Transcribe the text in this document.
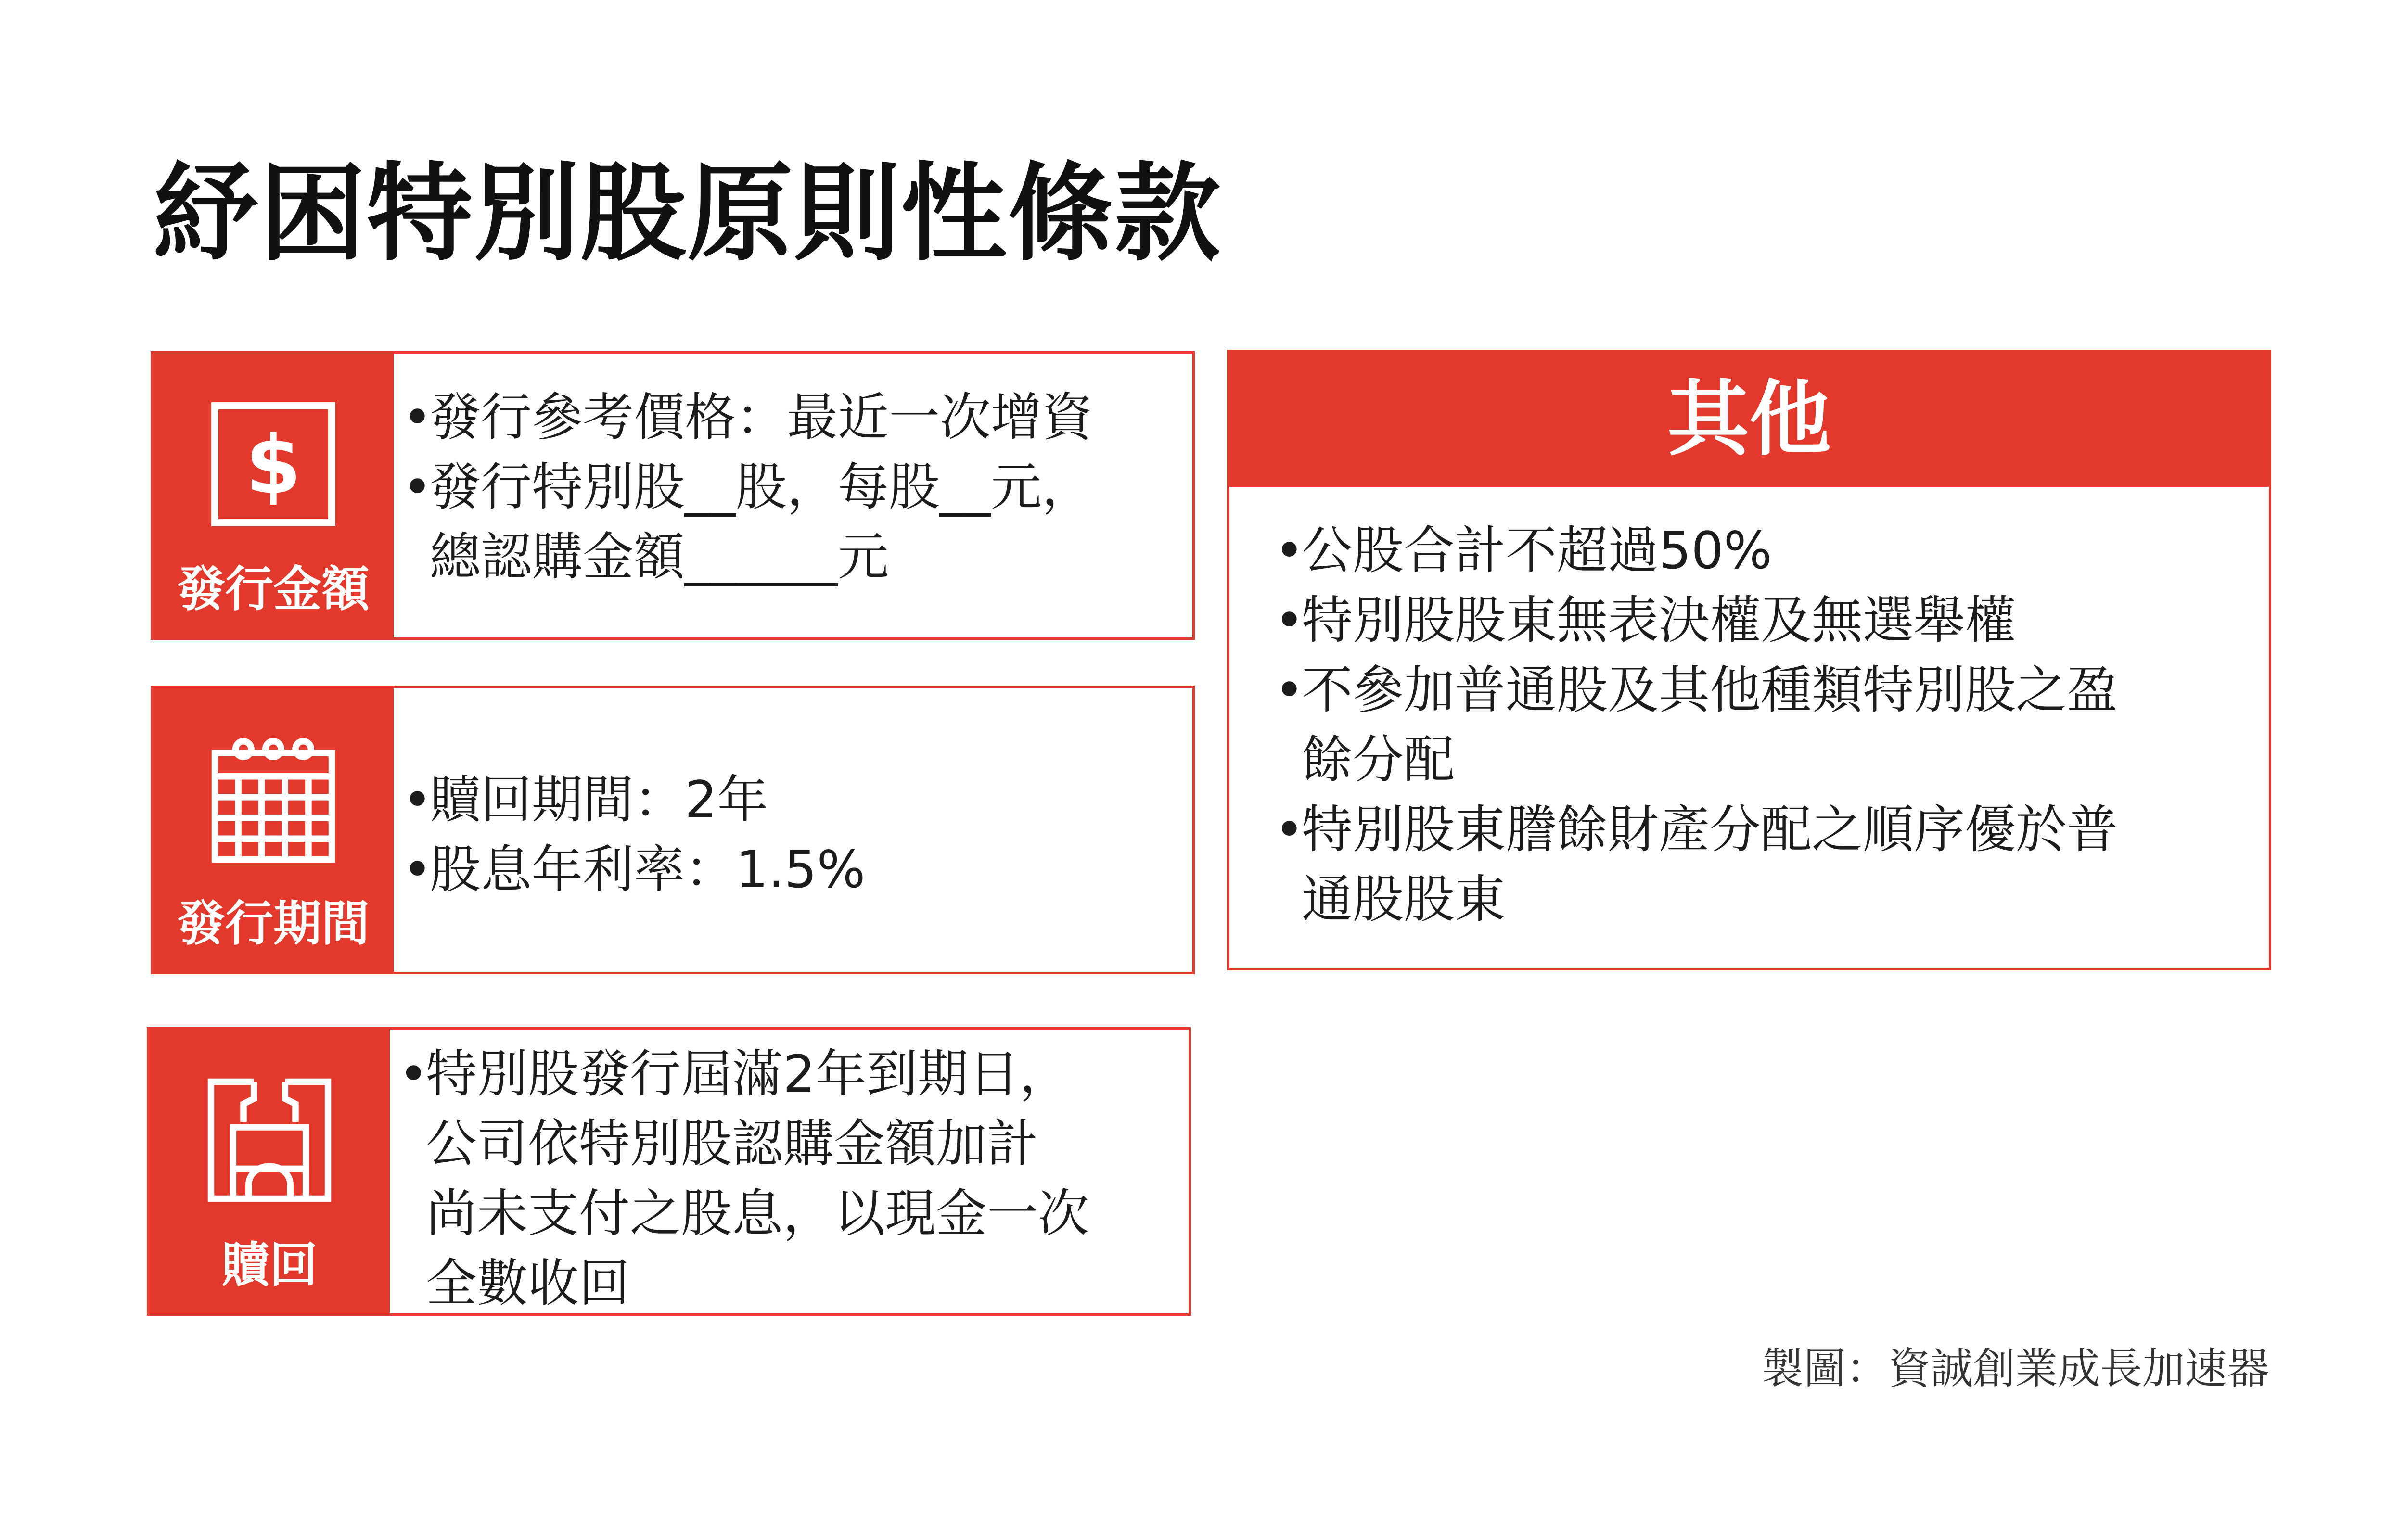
紓困特別股原則性條款
$
發行金額
• 發行參考價格：最近一次增資
• 發行特別股__股，每股__元，
總認購金額______元
發行期間
• 贖回期間：2年
• 股息年利率：1.5%
贖回
• 特別股發行屆滿2年到期日，
公司依特別股認購金額加計
尚未支付之股息，以現金一次
全數收回
其他
• 公股合計不超過50%
• 特別股股東無表決權及無選舉權
• 不參加普通股及其他種類特別股之盈
餘分配
• 特別股東謄餘財產分配之順序優於普
通股股東
製圖：資誠創業成長加速器
